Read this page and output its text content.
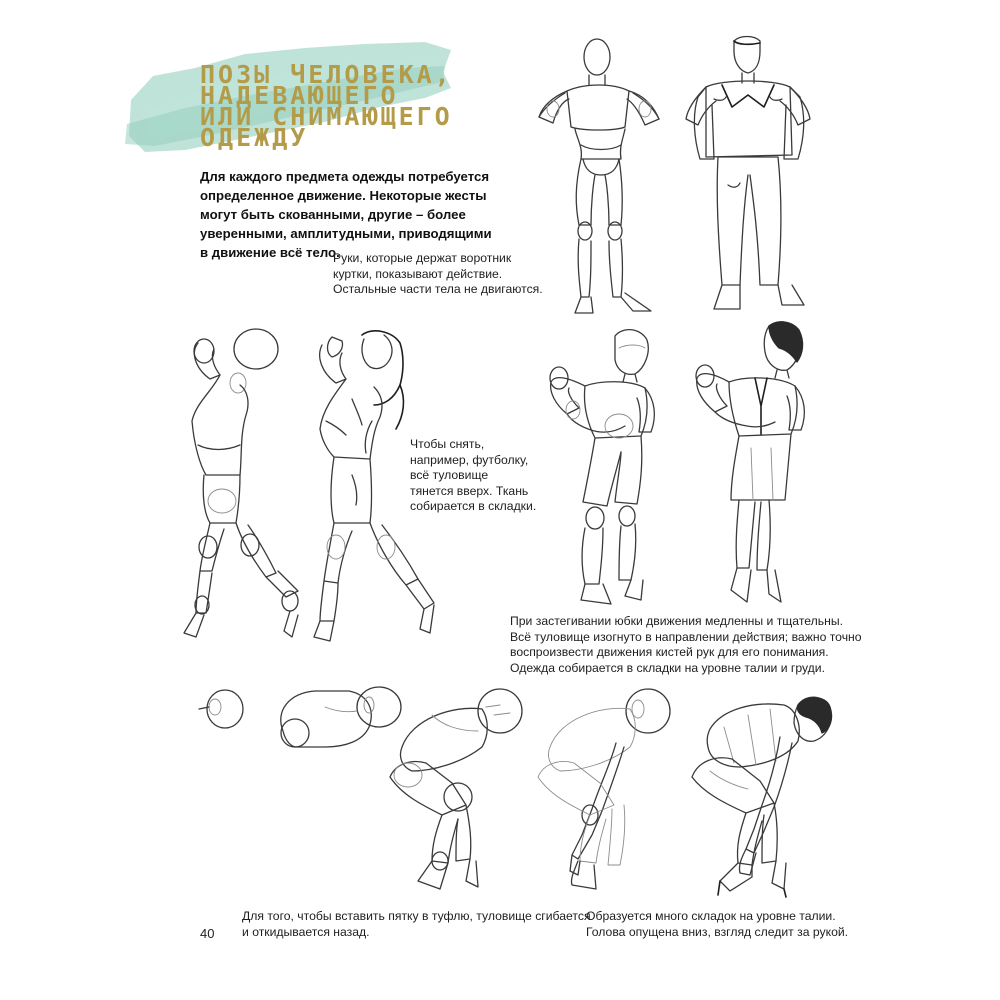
ПОЗЫ ЧЕЛОВЕКА,
НАДЕВАЮЩЕГО
ИЛИ СНИМАЮЩЕГО
ОДЕЖДУ
Для каждого предмета одежды потребуется определенное движение. Некоторые жесты могут быть скованными, другие – более уверенными, амплитудными, приводящими в движение всё тело.
Руки, которые держат воротник
куртки, показывают действие.
Остальные части тела не двигаются.
Чтобы снять,
например, футболку,
всё туловище
тянется вверх. Ткань
собирается в складки.
При застегивании юбки движения медленны и тщательны.
Всё туловище изогнуто в направлении действия; важно точно
воспроизвести движения кистей рук для его понимания.
Одежда собирается в складки на уровне талии и груди.
Для того, чтобы вставить пятку в туфлю, туловище сгибается
и откидывается назад.
Образуется много складок на уровне талии.
Голова опущена вниз, взгляд следит за рукой.
40
